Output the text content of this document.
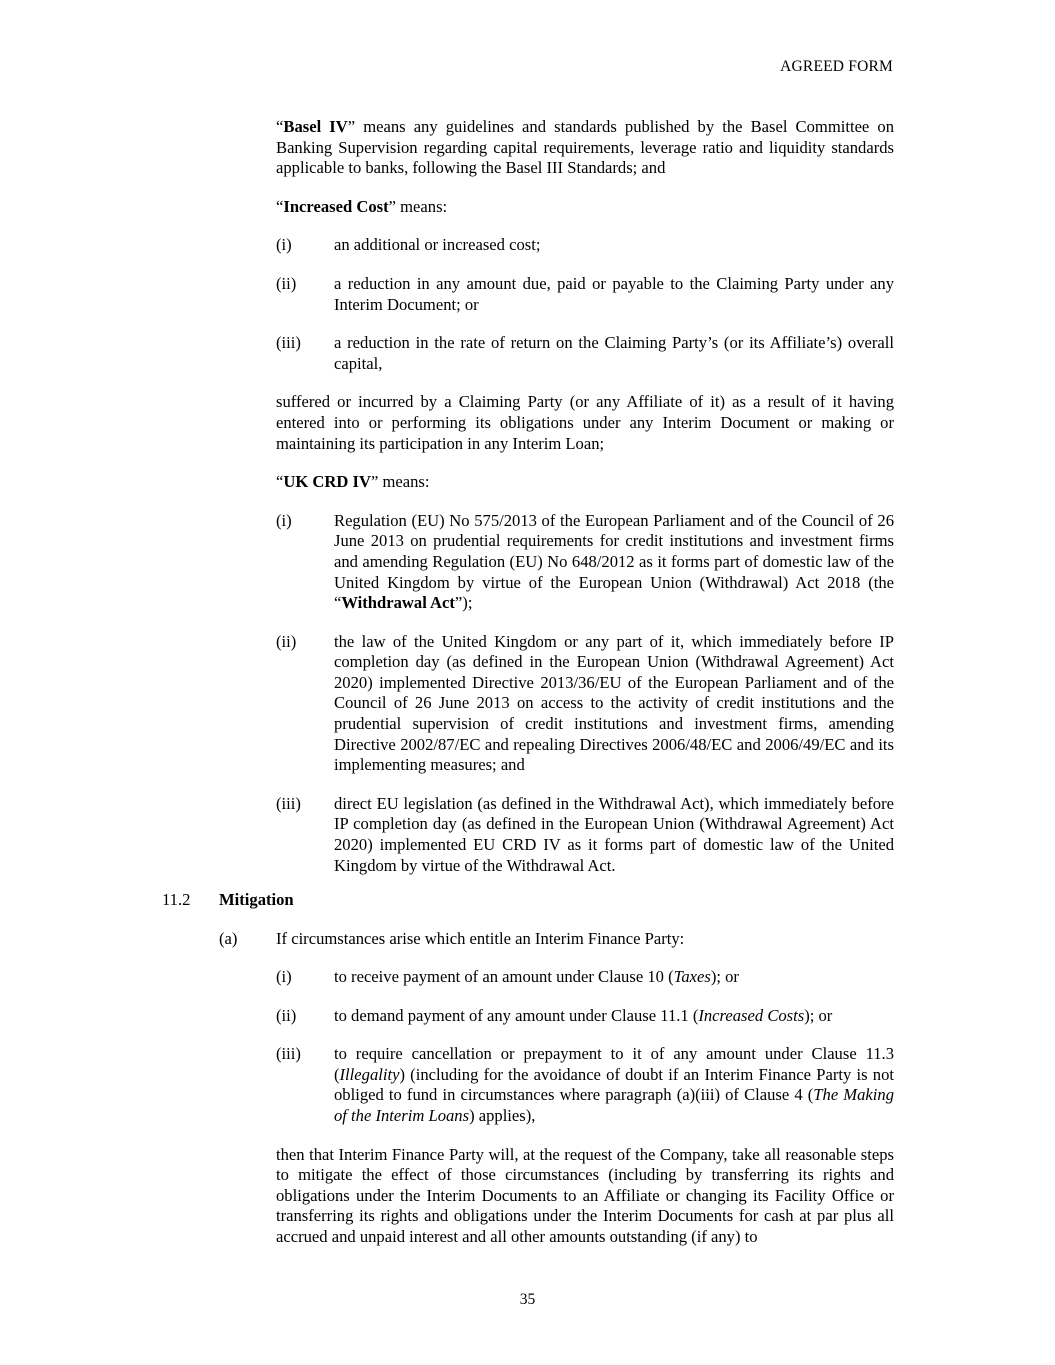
AGREED FORM

“Basel IV” means any guidelines and standards published by the Basel Committee on Banking Supervision regarding capital requirements, leverage ratio and liquidity standards applicable to banks, following the Basel III Standards; and

“Increased Cost” means:

(i)	an additional or increased cost;
(ii)	a reduction in any amount due, paid or payable to the Claiming Party under any Interim Document; or
(iii)	a reduction in the rate of return on the Claiming Party’s (or its Affiliate’s) overall capital,

suffered or incurred by a Claiming Party (or any Affiliate of it) as a result of it having entered into or performing its obligations under any Interim Document or making or maintaining its participation in any Interim Loan;

“UK CRD IV” means:

(i)	Regulation (EU) No 575/2013 of the European Parliament and of the Council of 26 June 2013 on prudential requirements for credit institutions and investment firms and amending Regulation (EU) No 648/2012 as it forms part of domestic law of the United Kingdom by virtue of the European Union (Withdrawal) Act 2018 (the “Withdrawal Act”);
(ii)	the law of the United Kingdom or any part of it, which immediately before IP completion day (as defined in the European Union (Withdrawal Agreement) Act 2020) implemented Directive 2013/36/EU of the European Parliament and of the Council of 26 June 2013 on access to the activity of credit institutions and the prudential supervision of credit institutions and investment firms, amending Directive 2002/87/EC and repealing Directives 2006/48/EC and 2006/49/EC and its implementing measures; and
(iii)	direct EU legislation (as defined in the Withdrawal Act), which immediately before IP completion day (as defined in the European Union (Withdrawal Agreement) Act 2020) implemented EU CRD IV as it forms part of domestic law of the United Kingdom by virtue of the Withdrawal Act.
11.2	Mitigation
(a)	If circumstances arise which entitle an Interim Finance Party:
(i)	to receive payment of an amount under Clause 10 (Taxes); or
(ii)	to demand payment of any amount under Clause 11.1 (Increased Costs); or
(iii)	to require cancellation or prepayment to it of any amount under Clause 11.3 (Illegality) (including for the avoidance of doubt if an Interim Finance Party is not obliged to fund in circumstances where paragraph (a)(iii) of Clause 4 (The Making of the Interim Loans) applies),

then that Interim Finance Party will, at the request of the Company, take all reasonable steps to mitigate the effect of those circumstances (including by transferring its rights and obligations under the Interim Documents to an Affiliate or changing its Facility Office or transferring its rights and obligations under the Interim Documents for cash at par plus all accrued and unpaid interest and all other amounts outstanding (if any) to

35
